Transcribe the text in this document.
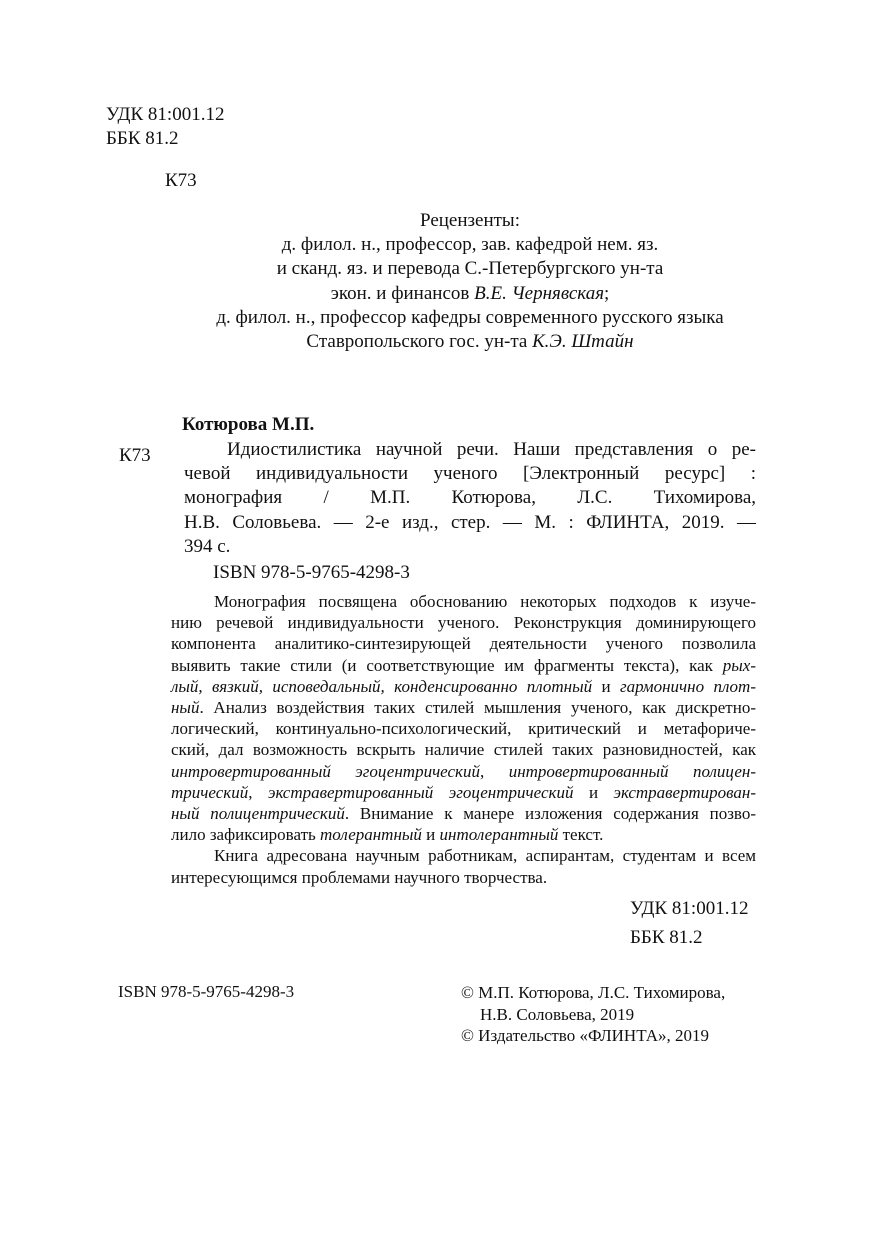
УДК 81:001.12
ББК 81.2
К73
Рецензенты:
д. филол. н., профессор, зав. кафедрой нем. яз.
и сканд. яз. и перевода С.-Петербургского ун-та
экон. и финансов В.Е. Чернявская;
д. филол. н., профессор кафедры современного русского языка
Ставропольского гос. ун-та К.Э. Штайн
Котюрова М.П.
К73	Идиостилистика научной речи. Наши представления о ре-
чевой индивидуальности ученого [Электронный ресурс] :
монография / М.П. Котюрова, Л.С. Тихомирова,
Н.В. Соловьева. — 2-е изд., стер. — М. : ФЛИНТА, 2019. —
394 с.
ISBN 978-5-9765-4298-3
Монография посвящена обоснованию некоторых подходов к изуче-
нию речевой индивидуальности ученого. Реконструкция доминирующего
компонента аналитико-синтезирующей деятельности ученого позволила
выявить такие стили (и соответствующие им фрагменты текста), как рых-
лый, вязкий, исповедальный, конденсированно плотный и гармонично плот-
ный. Анализ воздействия таких стилей мышления ученого, как дискретно-
логический, континуально-психологический, критический и метафориче-
ский, дал возможность вскрыть наличие стилей таких разновидностей, как
интровертированный эгоцентрический, интровертированный полицен-
трический, экстравертированный эгоцентрический и экстравертирован-
ный полицентрический. Внимание к манере изложения содержания позво-
лило зафиксировать толерантный и интолерантный текст.
Книга адресована научным работникам, аспирантам, студентам и всем
интересующимся проблемами научного творчества.
УДК 81:001.12
ББК 81.2
ISBN 978-5-9765-4298-3	© М.П. Котюрова, Л.С. Тихомирова,
Н.В. Соловьева, 2019
© Издательство «ФЛИНТА», 2019
